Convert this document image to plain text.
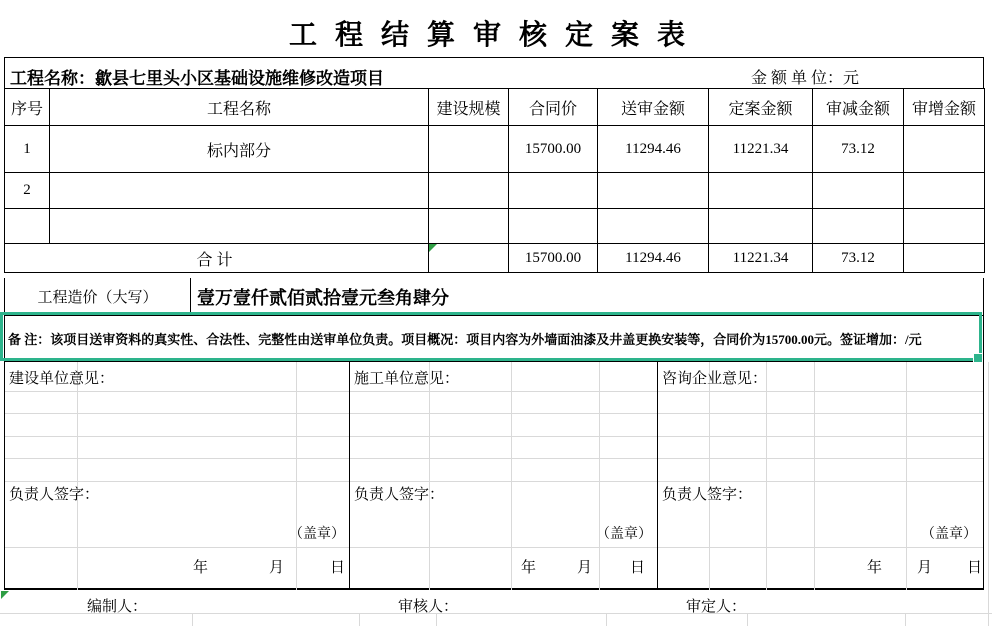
工程结算审核定案表
工程名称：歙县七里头小区基础设施维修改造项目	金 额 单 位：元
序号	工程名称	建设规模	合同价	送审金额	定案金额	审减金额	审增金额
1	标内部分		15700.00	11294.46	11221.34	73.12	
2							

合计			15700.00	11294.46	11221.34	73.12	
工程造价（大写）	壹万壹仟贰佰贰拾壹元叁角肆分
备 注：该项目送审资料的真实性、合法性、完整性由送审单位负责。项目概况：项目内容为外墙面油漆及井盖更换安装等，合同价为15700.00元。签证增加：/元
建设单位意见：
负责人签字：
（盖章）
年	月	日
施工单位意见：
负责人签字：
（盖章）
年	月	日
咨询企业意见：
负责人签字：
（盖章）
年 月 日
编制人：	审核人：	审定人：
